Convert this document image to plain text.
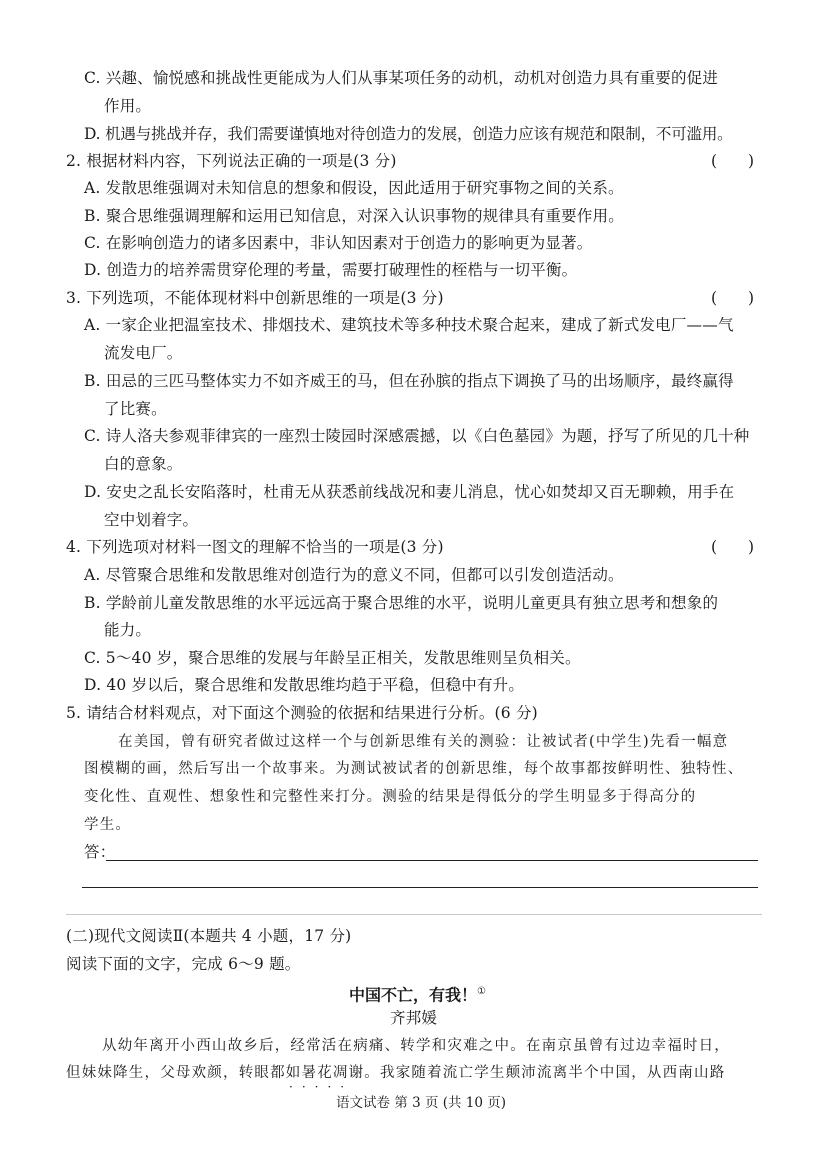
C. 兴趣、愉悦感和挑战性更能成为人们从事某项任务的动机，动机对创造力具有重要的促进
作用。
D. 机遇与挑战并存，我们需要谨慎地对待创造力的发展，创造力应该有规范和限制，不可滥用。
2. 根据材料内容，下列说法正确的一项是(3 分)	(　　)
A. 发散思维强调对未知信息的想象和假设，因此适用于研究事物之间的关系。
B. 聚合思维强调理解和运用已知信息，对深入认识事物的规律具有重要作用。
C. 在影响创造力的诸多因素中，非认知因素对于创造力的影响更为显著。
D. 创造力的培养需贯穿伦理的考量，需要打破理性的桎梏与一切平衡。
3. 下列选项，不能体现材料中创新思维的一项是(3 分)	(　　)
A. 一家企业把温室技术、排烟技术、建筑技术等多种技术聚合起来，建成了新式发电厂——气
流发电厂。
B. 田忌的三匹马整体实力不如齐威王的马，但在孙膑的指点下调换了马的出场顺序，最终赢得
了比赛。
C. 诗人洛夫参观菲律宾的一座烈士陵园时深感震撼，以《白色墓园》为题，抒写了所见的几十种
白的意象。
D. 安史之乱长安陷落时，杜甫无从获悉前线战况和妻儿消息，忧心如焚却又百无聊赖，用手在
空中划着字。
4. 下列选项对材料一图文的理解不恰当的一项是(3 分)	(　　)
A. 尽管聚合思维和发散思维对创造行为的意义不同，但都可以引发创造活动。
B. 学龄前儿童发散思维的水平远远高于聚合思维的水平，说明儿童更具有独立思考和想象的
能力。
C. 5～40 岁，聚合思维的发展与年龄呈正相关，发散思维则呈负相关。
D. 40 岁以后，聚合思维和发散思维均趋于平稳，但稳中有升。
5. 请结合材料观点，对下面这个测验的依据和结果进行分析。(6 分)
在美国，曾有研究者做过这样一个与创新思维有关的测验：让被试者(中学生)先看一幅意
图模糊的画，然后写出一个故事来。为测试被试者的创新思维，每个故事都按鲜明性、独特性、
变化性、直观性、想象性和完整性来打分。测验的结果是得低分的学生明显多于得高分的
学生。
答：
(二)现代文阅读Ⅱ(本题共 4 小题，17 分)
阅读下面的文字，完成 6～9 题。
中国不亡，有我！①
齐邦媛
从幼年离开小西山故乡后，经常活在病痛、转学和灾难之中。在南京虽曾有过边幸福时日，
但妹妹降生，父母欢颜，转眼都如暑花凋谢。我家随着流亡学生颠沛流离半个中国，从西南山路
·····
语文试卷 第 3 页 (共 10 页)
